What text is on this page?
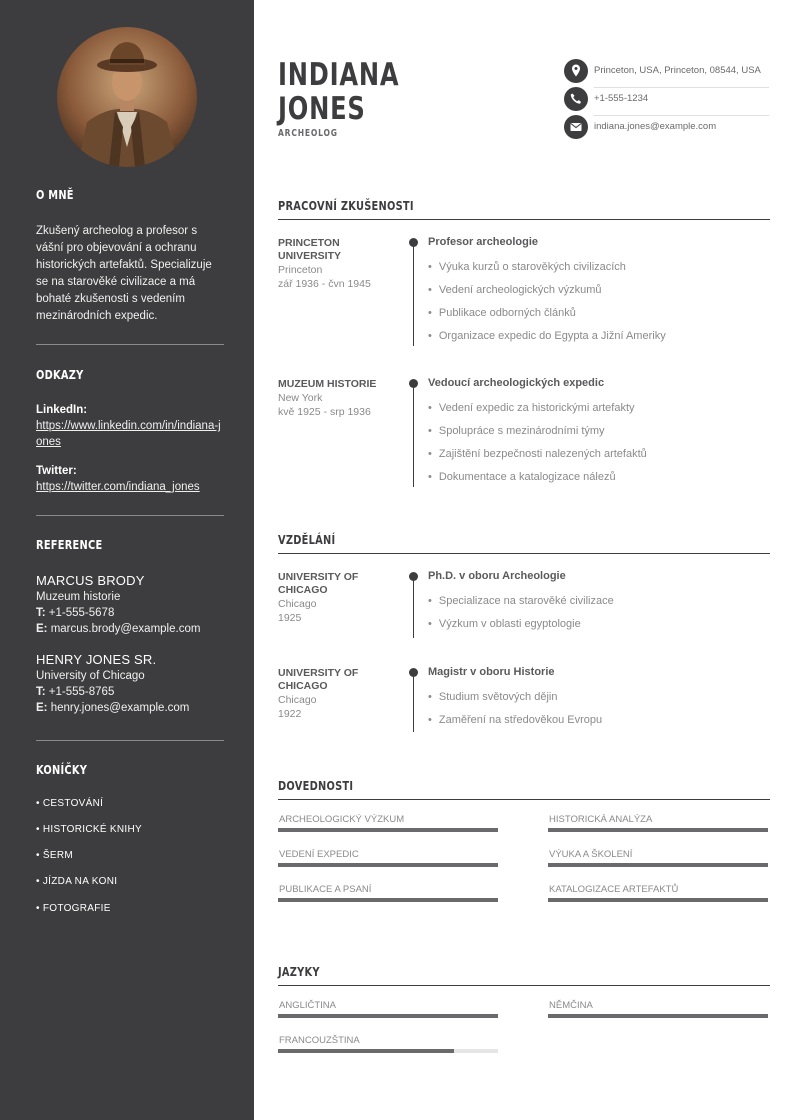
O MNĚ
Zkušený archeolog a profesor s vášní pro objevování a ochranu historických artefaktů. Specializuje se na starověké civilizace a má bohaté zkušenosti s vedením mezinárodních expedic.
ODKAZY
LinkedIn:
https://www.linkedin.com/in/indiana-jones
Twitter:
https://twitter.com/indiana_jones
REFERENCE
MARCUS BRODY
Muzeum historie
T: +1-555-5678
E: marcus.brody@example.com
HENRY JONES SR.
University of Chicago
T: +1-555-8765
E: henry.jones@example.com
KONÍČKY
• CESTOVÁNÍ
• HISTORICKÉ KNIHY
• ŠERM
• JÍZDA NA KONI
• FOTOGRAFIE
INDIANA
JONES
ARCHEOLOG
Princeton, USA, Princeton, 08544, USA
+1-555-1234
indiana.jones@example.com
PRACOVNÍ ZKUŠENOSTI
PRINCETON UNIVERSITY
Princeton
zář 1936 - čvn 1945
Profesor archeologie
• Výuka kurzů o starověkých civilizacích
• Vedení archeologických výzkumů
• Publikace odborných článků
• Organizace expedic do Egypta a Jižní Ameriky
MUZEUM HISTORIE
New York
kvě 1925 - srp 1936
Vedoucí archeologických expedic
• Vedení expedic za historickými artefakty
• Spolupráce s mezinárodními týmy
• Zajištění bezpečnosti nalezených artefaktů
• Dokumentace a katalogizace nálezů
VZDĚLÁNÍ
UNIVERSITY OF CHICAGO
Chicago
1925
Ph.D. v oboru Archeologie
• Specializace na starověké civilizace
• Výzkum v oblasti egyptologie
UNIVERSITY OF CHICAGO
Chicago
1922
Magistr v oboru Historie
• Studium světových dějin
• Zaměření na středověkou Evropu
DOVEDNOSTI
ARCHEOLOGICKÝ VÝZKUM	HISTORICKÁ ANALÝZA
VEDENÍ EXPEDIC	VÝUKA A ŠKOLENÍ
PUBLIKACE A PSANÍ	KATALOGIZACE ARTEFAKTŮ
JAZYKY
ANGLIČTINA	NĚMČINA
FRANCOUZŠTINA
